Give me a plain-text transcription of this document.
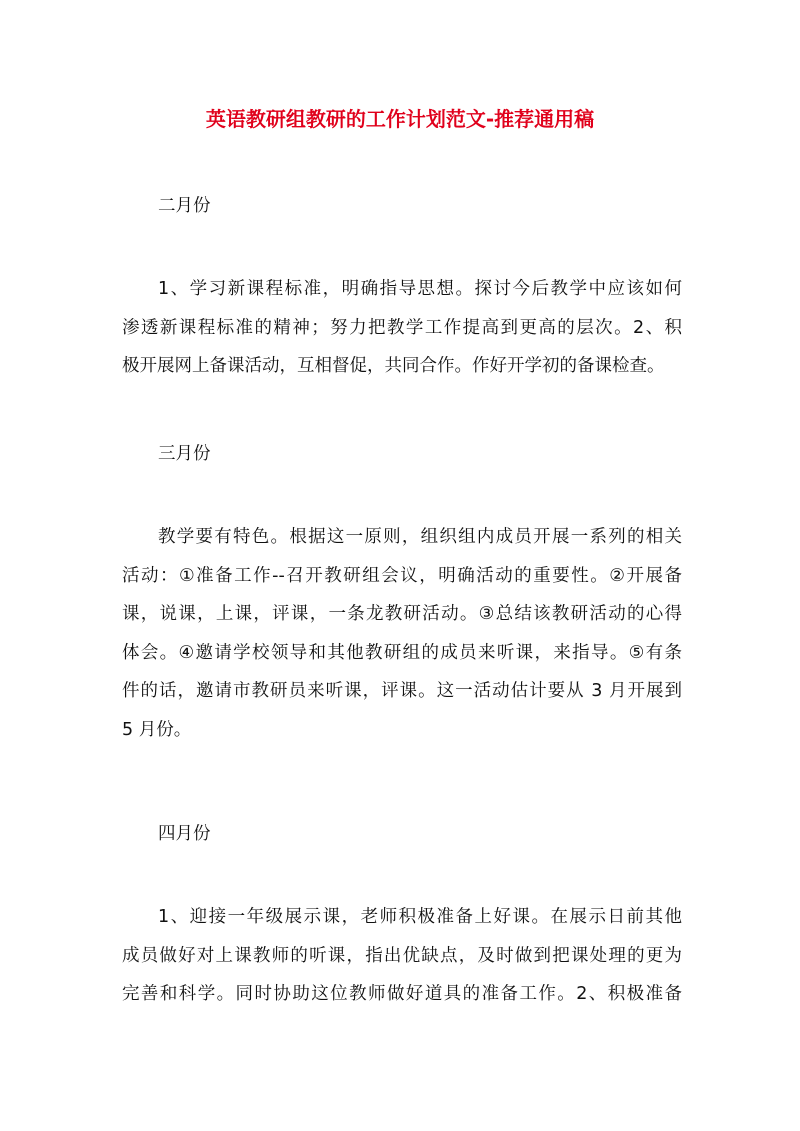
英语教研组教研的工作计划范文-推荐通用稿

二月份

1、学习新课程标准，明确指导思想。探讨今后教学中应该如何
渗透新课程标准的精神；努力把教学工作提高到更高的层次。2、积
极开展网上备课活动，互相督促，共同合作。作好开学初的备课检查。

三月份

教学要有特色。根据这一原则，组织组内成员开展一系列的相关
活动：①准备工作--召开教研组会议，明确活动的重要性。②开展备
课，说课，上课，评课，一条龙教研活动。③总结该教研活动的心得
体会。④邀请学校领导和其他教研组的成员来听课，来指导。⑤有条
件的话，邀请市教研员来听课，评课。这一活动估计要从 3 月开展到
5 月份。

四月份

1、迎接一年级展示课，老师积极准备上好课。在展示日前其他
成员做好对上课教师的听课，指出优缺点，及时做到把课处理的更为
完善和科学。同时协助这位教师做好道具的准备工作。2、积极准备
